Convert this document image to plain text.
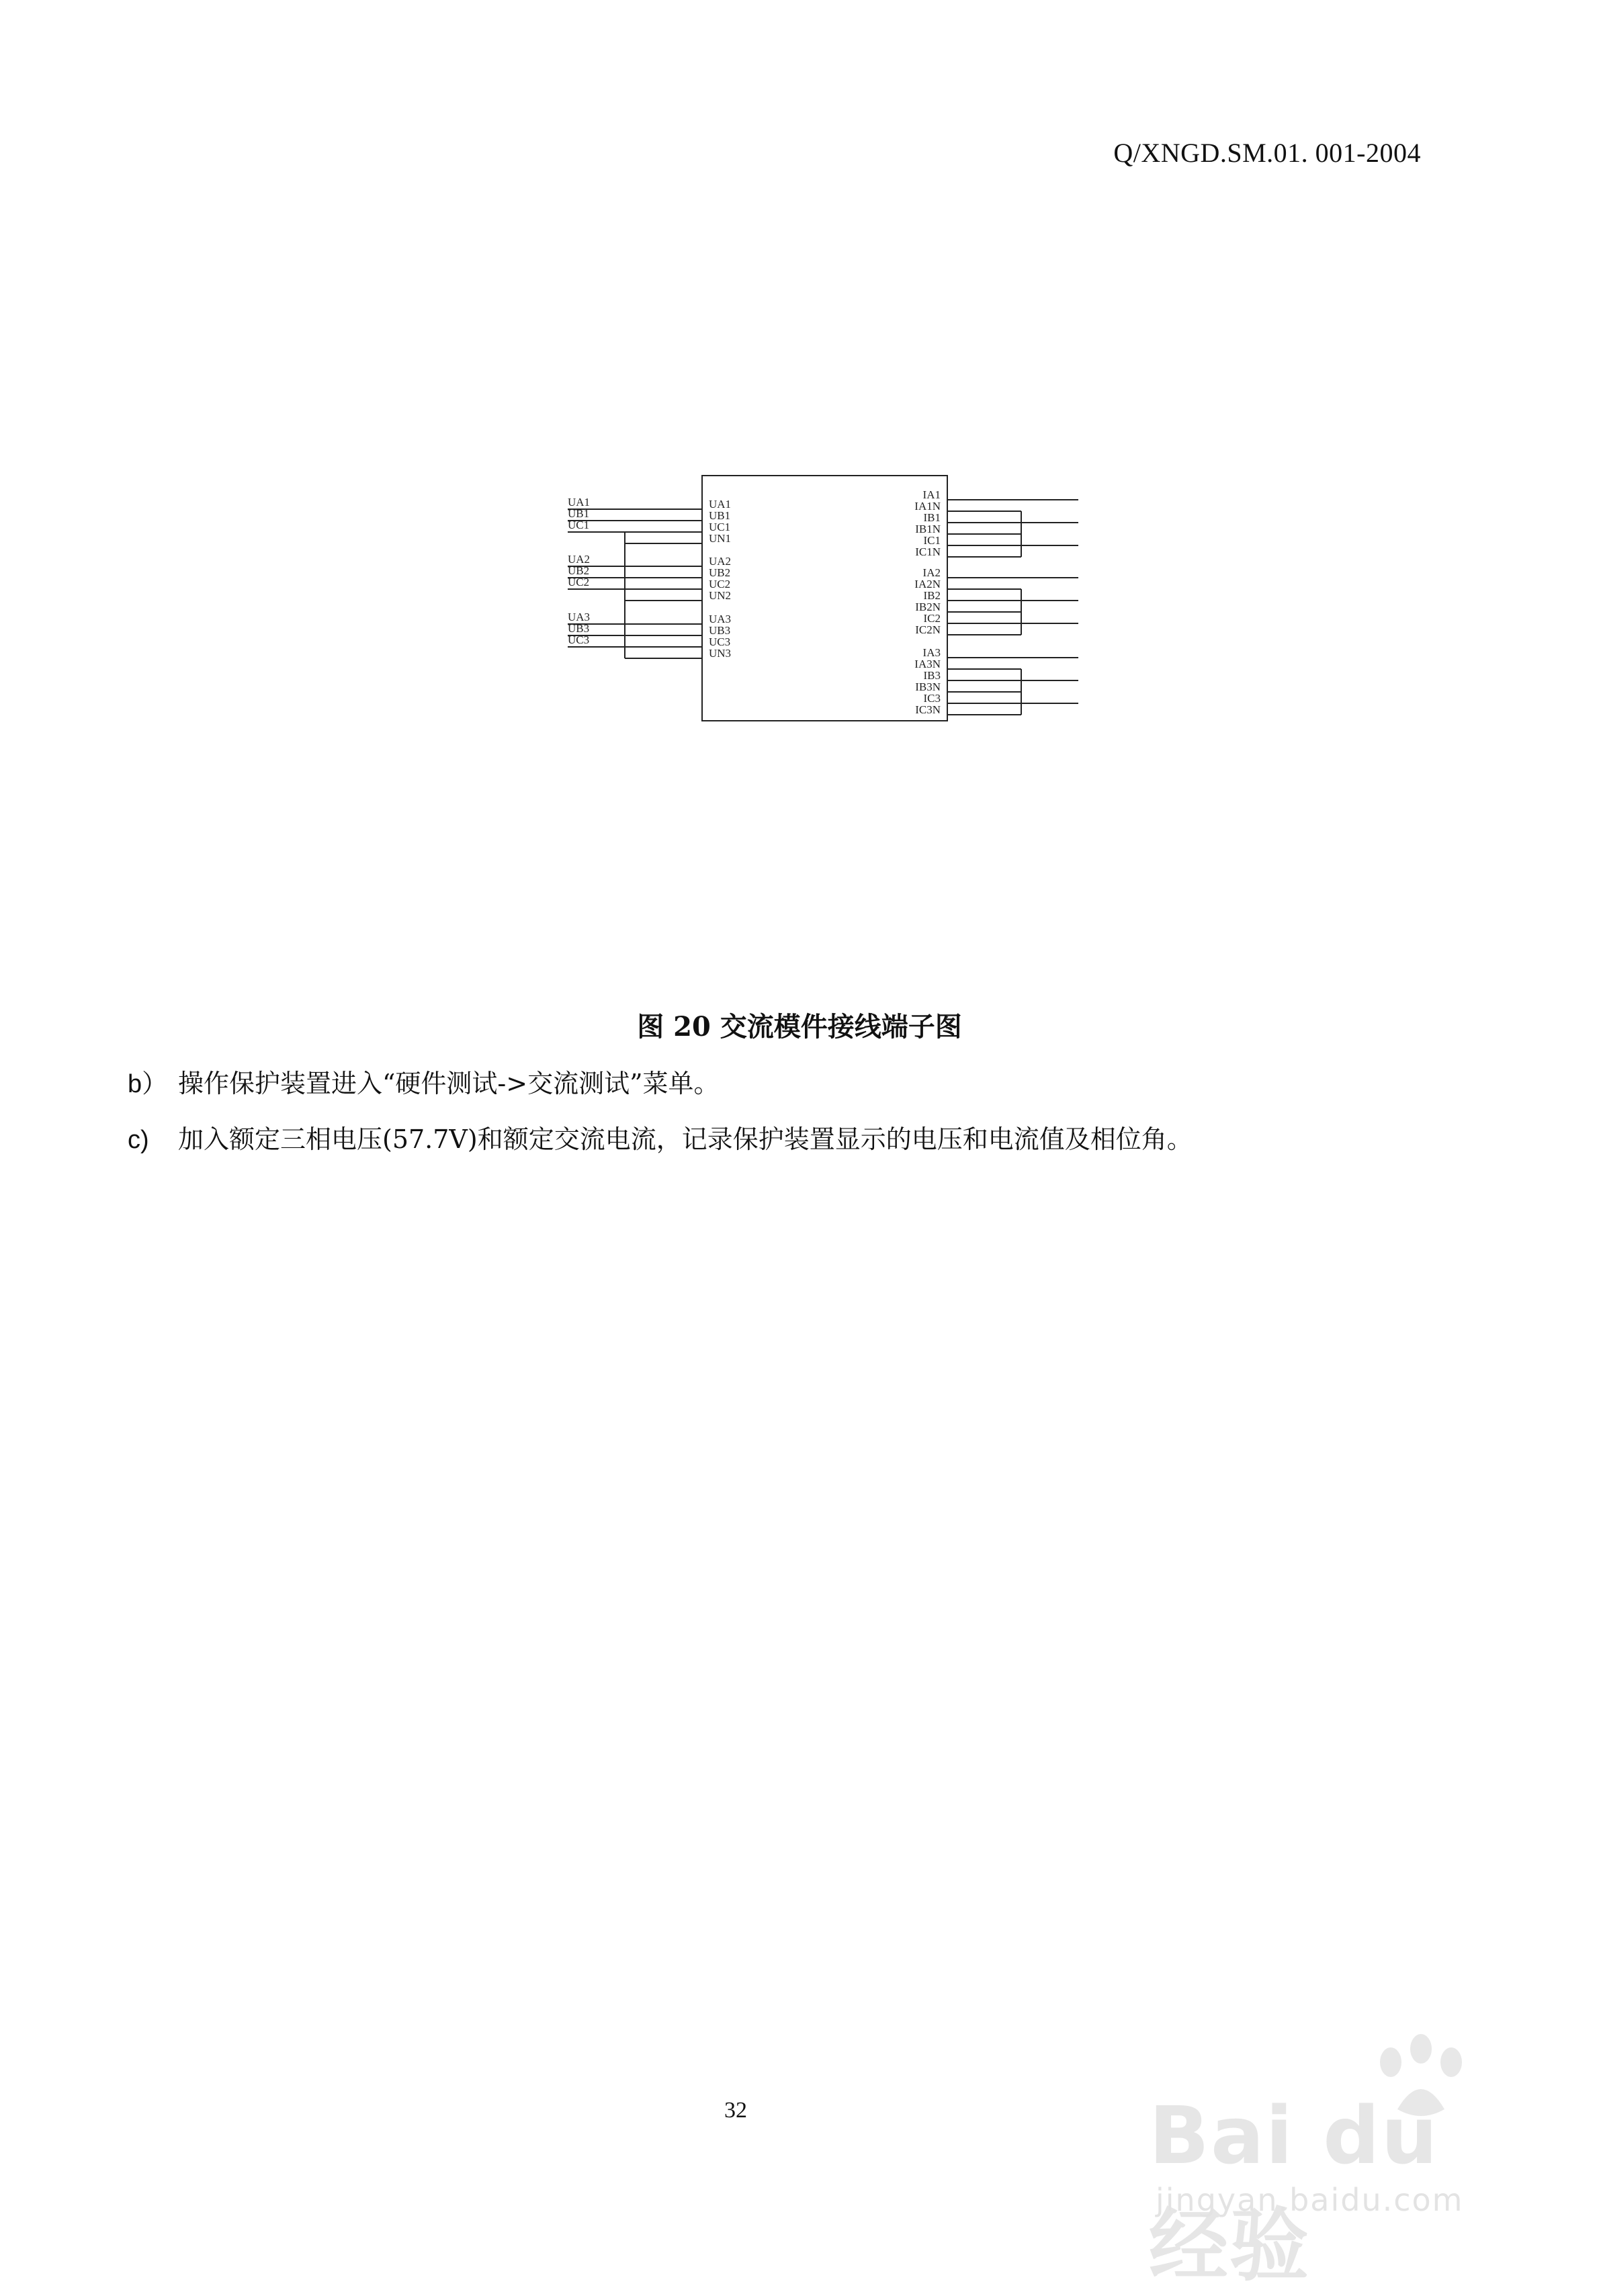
Q/XNGD.SM.01. 001-2004
UA1
UB1
UC1
UN1
UA2
UB2
UC2
UN2
UA3
UB3
UC3
UN3
UA1
UB1
UC1
UA2
UB2
UC2
UA3
UB3
UC3
IA1
IA1N
IB1
IB1N
IC1
IC1N
IA2
IA2N
IB2
IB2N
IC2
IC2N
IA3
IA3N
IB3
IB3N
IC3
IC3N
图 20 交流模件接线端子图
b） 操作保护装置进入“硬件测试->交流测试”菜单。
c) 加入额定三相电压(57.7V)和额定交流电流，记录保护装置显示的电压和电流值及相位角。
32	Bai du 经验
jingyan.baidu.com
